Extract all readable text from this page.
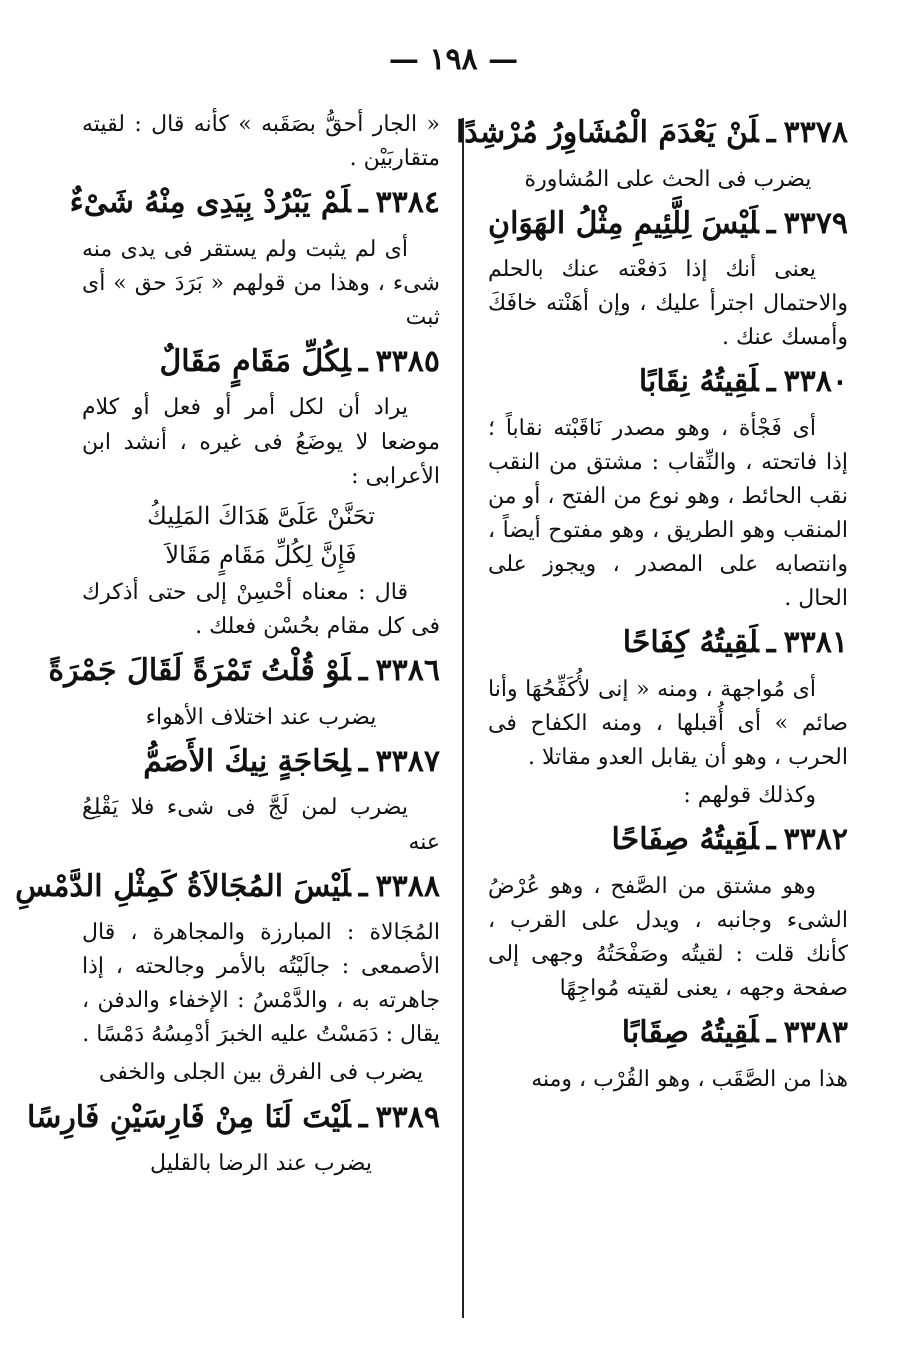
— ١٩٨ —
٣٣٧٨ـلَنْ يَعْدَمَ الْمُشَاوِرُ مُرْشِدًا

يضرب فى الحث على المُشاورة

٣٣٧٩ـلَيْسَ لِلَّئِيمِ مِثْلُ الهَوَانِ

يعنى أنك إذا دَفعْته عنك بالحلم والاحتمال اجترأ عليك ، وإن أهَنْته خافَكَ وأمسك عنك .

٣٣٨٠ـلَقِيتُهُ نِقَابًا

أى فَجْأة ، وهو مصدر نَاقَبْته نقاباً ؛ إذا فاتحته ، والنِّقاب : مشتق من النقب نقب الحائط ، وهو نوع من الفتح ، أو من المنقب وهو الطريق ، وهو مفتوح أيضاً ، وانتصابه على المصدر ، ويجوز على الحال .

٣٣٨١ـلَقِيتُهُ كِفَاحًا

أى مُواجهة ، ومنه « إنى لأُكَفِّحُهَا وأنا صائم » أى أُقبلها ، ومنه الكفاح فى الحرب ، وهو أن يقابل العدو مقاتلا .

وكذلك قولهم :

٣٣٨٢ـلَقِيتُهُ صِفَاحًا

وهو مشتق من الصَّفح ، وهو عُرْضُ الشىء وجانبه ، ويدل على القرب ، كأنك قلت : لقيتُه وصَفْحَتُهُ وجهى إلى صفحة وجهه ، يعنى لقيته مُواجِهًا

٣٣٨٣ـلَقِيتُهُ صِقَابًا

هذا من الصَّقَب ، وهو القُرْب ، ومنه

« الجار أحقُّ بصَقَبه » كأنه قال : لقيته متقاربَيْن .

٣٣٨٤ـلَمْ يَبْرُدْ بِيَدِى مِنْهُ شَىْءٌ

أى لم يثبت ولم يستقر فى يدى منه شىء ، وهذا من قولهم « بَرَدَ حق » أى ثبت

٣٣٨٥ـلِكُلِّ مَقَامٍ مَقَالٌ

يراد أن لكل أمر أو فعل أو كلام موضعا لا يوضَعُ فى غيره ، أنشد ابن الأعرابى :

تحَنَّنْ عَلَىَّ هَدَاكَ المَلِيكُ

فَإِنَّ لِكُلِّ مَقَامٍ مَقَالاَ

قال : معناه أحْسِنْ إلى حتى أذكرك فى كل مقام بحُسْن فعلك .

٣٣٨٦ـلَوْ قُلْتُ تَمْرَةً لَقَالَ جَمْرَةً

يضرب عند اختلاف الأهواء

٣٣٨٧ـلِحَاجَةٍ نِيكَ الأَصَمُّ

يضرب لمن لَجَّ فى شىء فلا يَقْلِعُ عنه

٣٣٨٨ـلَيْسَ المُجَالاَةُ كَمِثْلِ الدَّمْسِ

المُجَالاة : المبارزة والمجاهرة ، قال الأصمعى : جالَيْتُه بالأمر وجالحته ، إذا جاهرته به ، والدَّمْسُ : الإخفاء والدفن ، يقال : دَمَسْتُ عليه الخبرَ أدْمِسُهُ دَمْسًا .

يضرب فى الفرق بين الجلى والخفى

٣٣٨٩ـلَيْتَ لَنَا مِنْ فَارِسَيْنِ فَارِسًا

يضرب عند الرضا بالقليل
